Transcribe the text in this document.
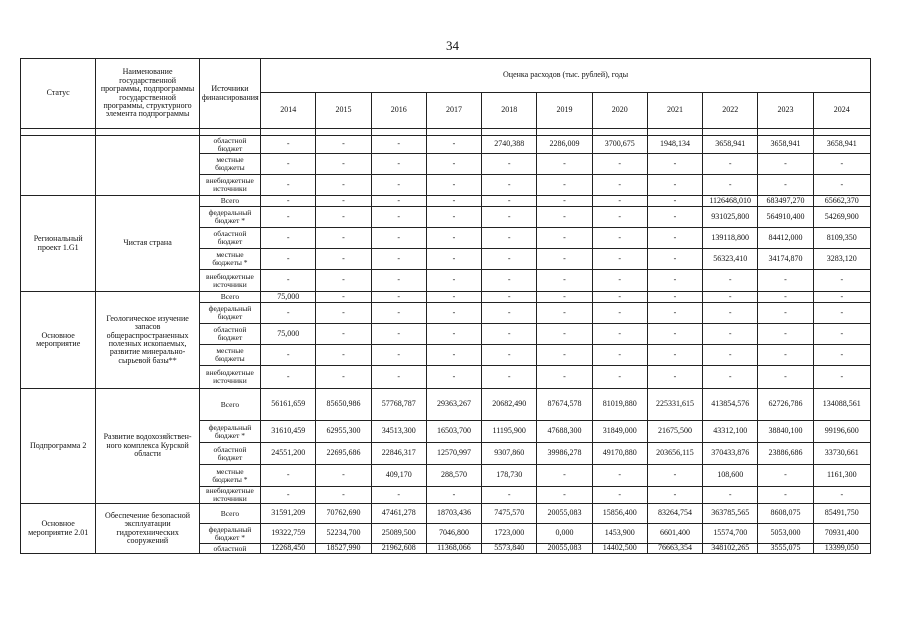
34
Статус	Наименование государственной программы, подпрограммы государственной программы, структурного элемента подпрограммы	Источники финансирования	Оценка расходов (тыс. рублей), годы										
			2014	2015	2016	2017	2018	2019	2020	2021	2022	2023	2024

		областной бюджет	-	-	-	-	2740,388	2286,009	3700,675	1948,134	3658,941	3658,941	3658,941
		местные бюджеты	-	-	-	-	-	-	-	-	-	-	-
		внебюджетные источники	-	-	-	-	-	-	-	-	-	-	-
Региональный проект 1.G1	Чистая страна	Всего	-	-	-	-	-	-	-	-	1126468,010	683497,270	65662,370
		федеральный бюджет *	-	-	-	-	-	-	-	-	931025,800	564910,400	54269,900
		областной бюджет	-	-	-	-	-	-	-	-	139118,800	84412,000	8109,350
		местные бюджеты *	-	-	-	-	-	-	-	-	56323,410	34174,870	3283,120
		внебюджетные источники	-	-	-	-	-	-	-	-	-	-	-
Основное мероприятие	Геологическое изучение запасов общераспространенных полезных ископаемых, развитие минерально-сырьевой базы**	Всего	75,000	-	-	-	-	-	-	-	-	-	-
		федеральный бюджет	-	-	-	-	-	-	-	-	-	-	-
		областной бюджет	75,000	-	-	-	-	-	-	-	-	-	-
		местные бюджеты	-	-	-	-	-	-	-	-	-	-	-
		внебюджетные источники	-	-	-	-	-	-	-	-	-	-	-
Подпрограмма 2	Развитие водохозяйствен-ного комплекса Курской области	Всего	56161,659	85650,986	57768,787	29363,267	20682,490	87674,578	81019,880	225331,615	413854,576	62726,786	134088,561
		федеральный бюджет *	31610,459	62955,300	34513,300	16503,700	11195,900	47688,300	31849,000	21675,500	43312,100	38840,100	99196,600
		областной бюджет	24551,200	22695,686	22846,317	12570,997	9307,860	39986,278	49170,880	203656,115	370433,876	23886,686	33730,661
		местные бюджеты *	-	-	409,170	288,570	178,730	-	-	-	108,600	-	1161,300
		внебюджетные источники	-	-	-	-	-	-	-	-	-	-	-
Основное мероприятие 2.01	Обеспечение безопасной эксплуатации гидротехнических сооружений	Всего	31591,209	70762,690	47461,278	18703,436	7475,570	20055,083	15856,400	83264,754	363785,565	8608,075	85491,750
		федеральный бюджет *	19322,759	52234,700	25089,500	7046,800	1723,000	0,000	1453,900	6601,400	15574,700	5053,000	70931,400
		областной	12268,450	18527,990	21962,608	11368,066	5573,840	20055,083	14402,500	76663,354	348102,265	3555,075	13399,050
